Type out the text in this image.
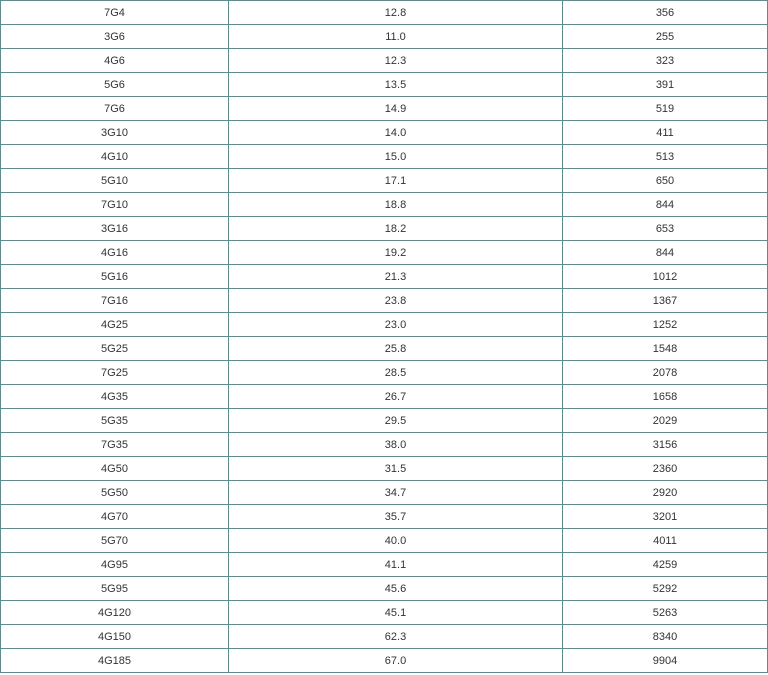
7G4	12.8	356
3G6	11.0	255
4G6	12.3	323
5G6	13.5	391
7G6	14.9	519
3G10	14.0	411
4G10	15.0	513
5G10	17.1	650
7G10	18.8	844
3G16	18.2	653
4G16	19.2	844
5G16	21.3	1012
7G16	23.8	1367
4G25	23.0	1252
5G25	25.8	1548
7G25	28.5	2078
4G35	26.7	1658
5G35	29.5	2029
7G35	38.0	3156
4G50	31.5	2360
5G50	34.7	2920
4G70	35.7	3201
5G70	40.0	4011
4G95	41.1	4259
5G95	45.6	5292
4G120	45.1	5263
4G150	62.3	8340
4G185	67.0	9904
